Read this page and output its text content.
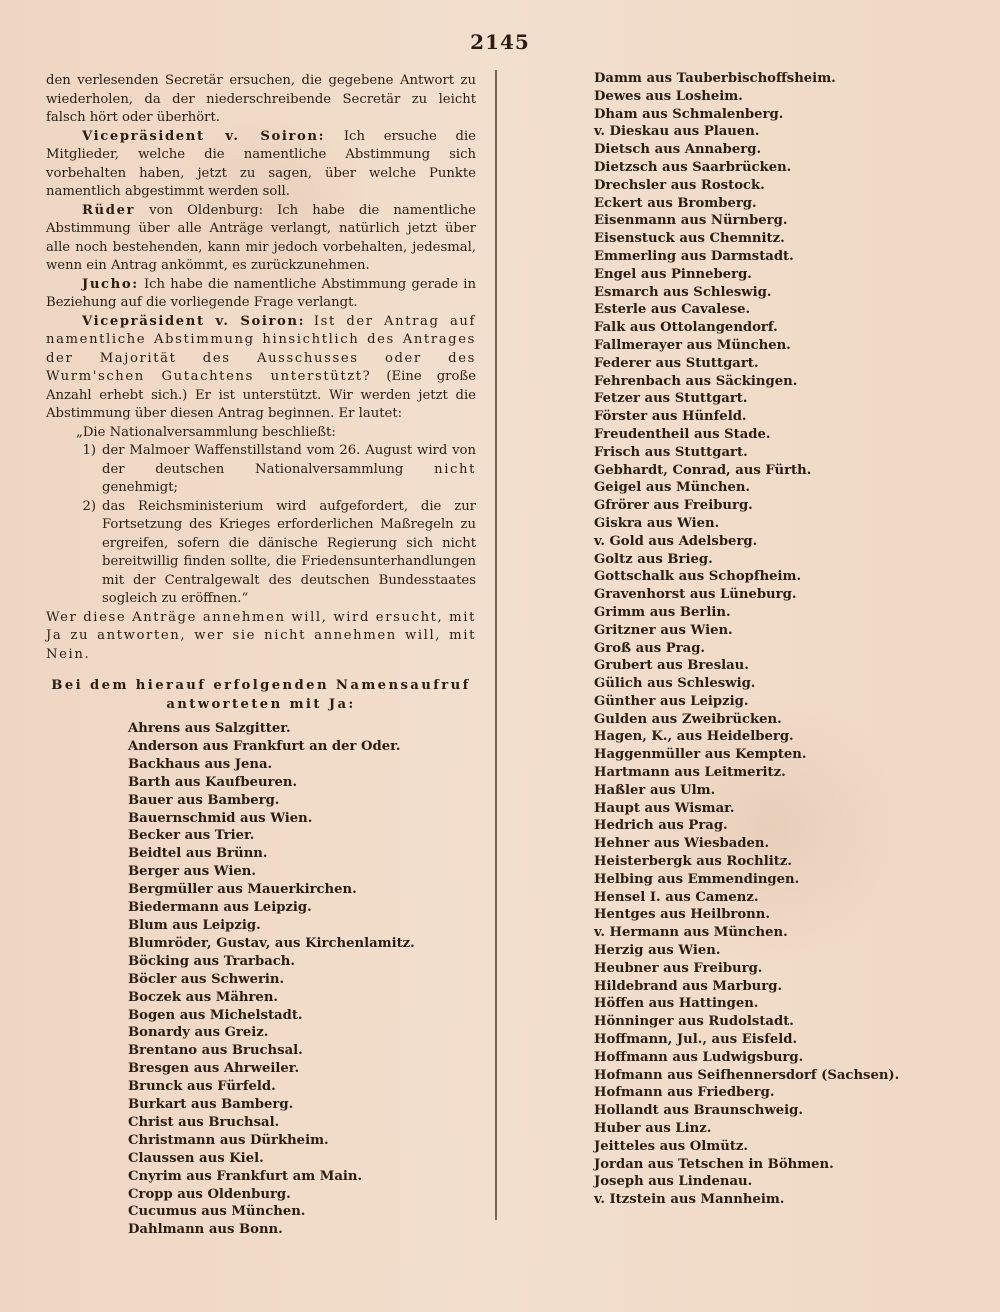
2145

den verlesenden Secretär ersuchen, die gegebene Antwort zu wiederholen, da der niederschreibende Secretär zu leicht falsch hört oder überhört.

Vicepräsident v. Soiron: Ich ersuche die Mitglieder, welche die namentliche Abstimmung sich vorbehalten haben, jetzt zu sagen, über welche Punkte namentlich abgestimmt werden soll.

Rüder von Oldenburg: Ich habe die namentliche Abstimmung über alle Anträge verlangt, natürlich jetzt über alle noch bestehenden, kann mir jedoch vorbehalten, jedesmal, wenn ein Antrag ankömmt, es zurückzunehmen.

Jucho: Ich habe die namentliche Abstimmung gerade in Beziehung auf die vorliegende Frage verlangt.

Vicepräsident v. Soiron: Ist der Antrag auf namentliche Abstimmung hinsichtlich des Antrages der Majorität des Ausschusses oder des Wurm'schen Gutachtens unterstützt? (Eine große Anzahl erhebt sich.) Er ist unterstützt. Wir werden jetzt die Abstimmung über diesen Antrag beginnen. Er lautet:

„Die Nationalversammlung beschließt:

1) der Malmoer Waffenstillstand vom 26. August wird von der deutschen Nationalversammlung nicht genehmigt;
2) das Reichsministerium wird aufgefordert, die zur Fortsetzung des Krieges erforderlichen Maßregeln zu ergreifen, sofern die dänische Regierung sich nicht bereitwillig finden sollte, die Friedensunterhandlungen mit der Centralgewalt des deutschen Bundesstaates sogleich zu eröffnen.“

Wer diese Anträge annehmen will, wird ersucht, mit Ja zu antworten, wer sie nicht annehmen will, mit Nein.

Bei dem hierauf erfolgenden Namensaufruf antworteten mit Ja:
Ahrens aus Salzgitter.
Anderson aus Frankfurt an der Oder.
Backhaus aus Jena.
Barth aus Kaufbeuren.
Bauer aus Bamberg.
Bauernschmid aus Wien.
Becker aus Trier.
Beidtel aus Brünn.
Berger aus Wien.
Bergmüller aus Mauerkirchen.
Biedermann aus Leipzig.
Blum aus Leipzig.
Blumröder, Gustav, aus Kirchenlamitz.
Böcking aus Trarbach.
Böcler aus Schwerin.
Boczek aus Mähren.
Bogen aus Michelstadt.
Bonardy aus Greiz.
Brentano aus Bruchsal.
Bresgen aus Ahrweiler.
Brunck aus Fürfeld.
Burkart aus Bamberg.
Christ aus Bruchsal.
Christmann aus Dürkheim.
Claussen aus Kiel.
Cnyrim aus Frankfurt am Main.
Cropp aus Oldenburg.
Cucumus aus München.
Dahlmann aus Bonn.
Damm aus Tauberbischoffsheim.
Dewes aus Losheim.
Dham aus Schmalenberg.
v. Dieskau aus Plauen.
Dietsch aus Annaberg.
Dietzsch aus Saarbrücken.
Drechsler aus Rostock.
Eckert aus Bromberg.
Eisenmann aus Nürnberg.
Eisenstuck aus Chemnitz.
Emmerling aus Darmstadt.
Engel aus Pinneberg.
Esmarch aus Schleswig.
Esterle aus Cavalese.
Falk aus Ottolangendorf.
Fallmerayer aus München.
Federer aus Stuttgart.
Fehrenbach aus Säckingen.
Fetzer aus Stuttgart.
Förster aus Hünfeld.
Freudentheil aus Stade.
Frisch aus Stuttgart.
Gebhardt, Conrad, aus Fürth.
Geigel aus München.
Gfrörer aus Freiburg.
Giskra aus Wien.
v. Gold aus Adelsberg.
Goltz aus Brieg.
Gottschalk aus Schopfheim.
Gravenhorst aus Lüneburg.
Grimm aus Berlin.
Gritzner aus Wien.
Groß aus Prag.
Grubert aus Breslau.
Gülich aus Schleswig.
Günther aus Leipzig.
Gulden aus Zweibrücken.
Hagen, K., aus Heidelberg.
Haggenmüller aus Kempten.
Hartmann aus Leitmeritz.
Haßler aus Ulm.
Haupt aus Wismar.
Hedrich aus Prag.
Hehner aus Wiesbaden.
Heisterbergk aus Rochlitz.
Helbing aus Emmendingen.
Hensel I. aus Camenz.
Hentges aus Heilbronn.
v. Hermann aus München.
Herzig aus Wien.
Heubner aus Freiburg.
Hildebrand aus Marburg.
Höffen aus Hattingen.
Hönninger aus Rudolstadt.
Hoffmann, Jul., aus Eisfeld.
Hoffmann aus Ludwigsburg.
Hofmann aus Seifhennersdorf (Sachsen).
Hofmann aus Friedberg.
Hollandt aus Braunschweig.
Huber aus Linz.
Jeitteles aus Olmütz.
Jordan aus Tetschen in Böhmen.
Joseph aus Lindenau.
v. Itzstein aus Mannheim.
